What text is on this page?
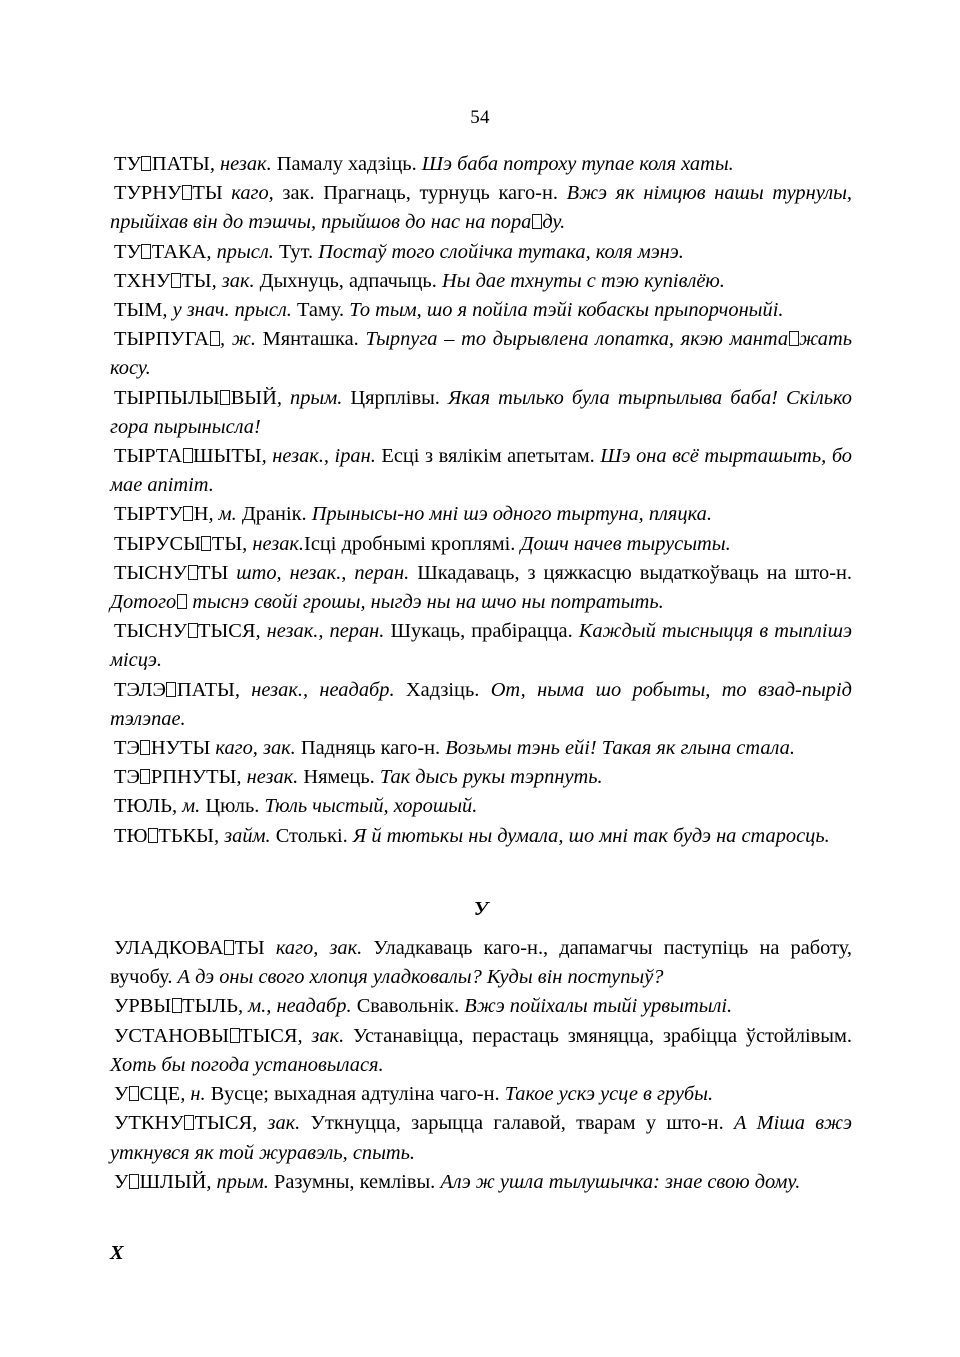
54

ТУ ПАТЫ, незак. Памалу хадзіць. Шэ баба потроху тупае коля хаты.

ТУРНУ ТЫ каго, зак. Прагнаць, турнуць каго-н. Вжэ як німцюв нашы турнулы, прыйіхав він до тэшчы, прыйшов до нас на пора ду.

ТУ ТАКА, прысл. Тут. Постаў того слойічка тутака, коля мэнэ.

ТХНУ ТЫ, зак. Дыхнуць, адпачыць. Ны дае тхнуты с тэю купівлёю.

ТЫМ, у знач. прысл. Таму. То тым, шо я пойіла тэйі кобаскы прыпорчоныйі.

ТЫРПУГА , ж. Мянташка. Тырпуга – то дырывлена лопатка, якэю манта жать косу.

ТЫРПЫЛЫ ВЫЙ, прым. Цярплівы. Якая тылько була тырпылыва баба! Скілько гора пырынысла!

ТЫРТА ШЫТЫ, незак., іран. Есці з вялікім апетытам. Шэ она всё тырташыть, бо мае апітіт.

ТЫРТУ Н, м. Дранік. Прынысы-но мні шэ одного тыртуна, пляцка.

ТЫРУСЫ ТЫ, незак.Ісці дробнымі кроплямі. Дошч начев тырусыты.

ТЫСНУ ТЫ што, незак., перан. Шкадаваць, з цяжкасцю выдаткоўваць на што-н. Дотого тыснэ свойі грошы, ныгдэ ны на шчо ны потратыть.

ТЫСНУ ТЫСЯ, незак., перан. Шукаць, прабірацца. Каждый тысныцця в тыплішэ місцэ.

ТЭЛЭ ПАТЫ, незак., неадабр. Хадзіць. От, ныма шо робыты, то взад-пырід тэлэпае.

ТЭ НУТЫ каго, зак. Падняць каго-н. Возьмы тэнь ейі! Такая як глына стала.

ТЭ РПНУТЫ, незак. Нямець. Так дысь рукы тэрпнуть.

ТЮЛЬ, м. Цюль. Тюль чыстый, хорошый.

ТЮ ТЬКЫ, займ. Столькі. Я й тютькы ны думала, шо мні так будэ на старосць.

У

УЛАДКОВА ТЫ каго, зак. Уладкаваць каго-н., дапамагчы паступіць на работу, вучобу. А дэ оны свого хлопця уладковалы? Куды він поступыў?

УРВЫ ТЫЛЬ, м., неадабр. Свавольнік. Вжэ пойіхалы тыйі урвытылі.

УСТАНОВЫ ТЫСЯ, зак. Устанавіцца, перастаць змяняцца, зрабіцца ўстойлівым. Хоть бы погода установылася.

У СЦЕ, н. Вусце; выхадная адтуліна чаго-н. Такое ускэ усце в грубы.

УТКНУ ТЫСЯ, зак. Уткнуцца, зарыцца галавой, тварам у што-н. А Міша вжэ уткнувся як той журавэль, спыть.

У ШЛЫЙ, прым. Разумны, кемлівы. Алэ ж ушла тылушычка: знае свою дому.

Х
